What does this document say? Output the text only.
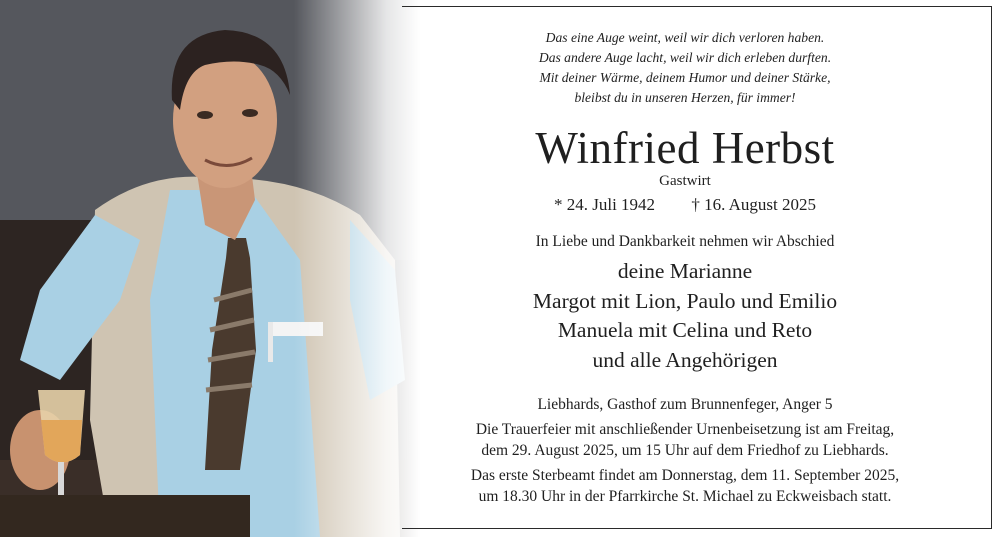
Das eine Auge weint, weil wir dich verloren haben.
Das andere Auge lacht, weil wir dich erleben durften.
Mit deiner Wärme, deinem Humor und deiner Stärke,
bleibst du in unseren Herzen, für immer!
Winfried Herbst
Gastwirt
* 24. Juli 1942 † 16. August 2025
In Liebe und Dankbarkeit nehmen wir Abschied
deine Marianne
Margot mit Lion, Paulo und Emilio
Manuela mit Celina und Reto
und alle Angehörigen

Liebhards, Gasthof zum Brunnenfeger, Anger 5

Die Trauerfeier mit anschließender Urnenbeisetzung ist am Freitag,
dem 29. August 2025, um 15 Uhr auf dem Friedhof zu Liebhards.

Das erste Sterbeamt findet am Donnerstag, dem 11. September 2025,
um 18.30 Uhr in der Pfarrkirche St. Michael zu Eckweisbach statt.
